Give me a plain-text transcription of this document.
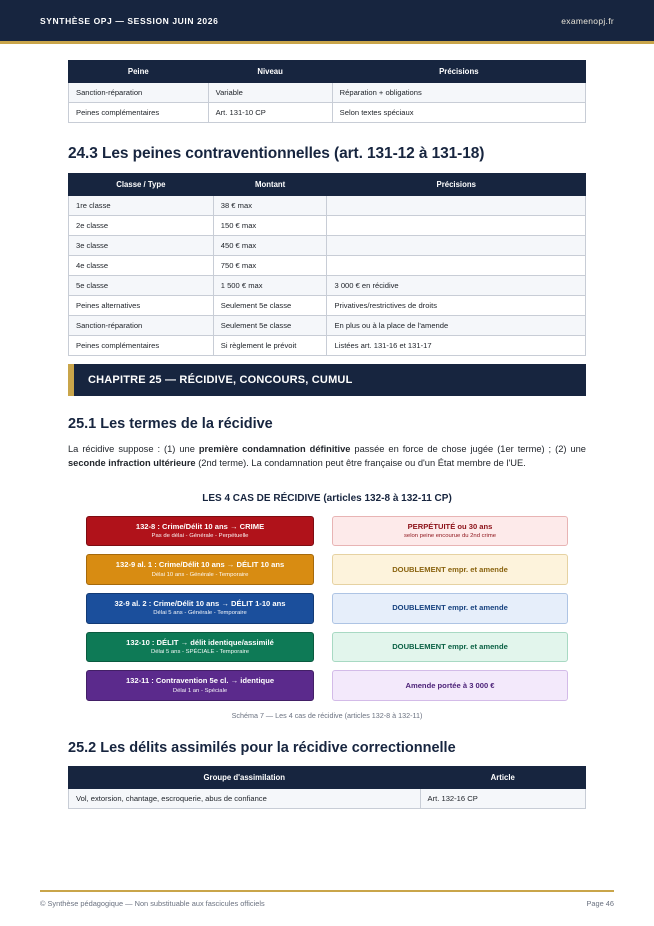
SYNTHÈSE OPJ — SESSION JUIN 2026	examenopj.fr
Peine	Niveau	Précisions
Sanction-réparation	Variable	Réparation + obligations
Peines complémentaires	Art. 131-10 CP	Selon textes spéciaux
24.3 Les peines contraventionnelles (art. 131-12 à 131-18)
Classe / Type	Montant	Précisions
1re classe	38 € max	
2e classe	150 € max	
3e classe	450 € max	
4e classe	750 € max	
5e classe	1 500 € max	3 000 € en récidive
Peines alternatives	Seulement 5e classe	Privatives/restrictives de droits
Sanction-réparation	Seulement 5e classe	En plus ou à la place de l'amende
Peines complémentaires	Si règlement le prévoit	Listées art. 131-16 et 131-17
CHAPITRE 25 — RÉCIDIVE, CONCOURS, CUMUL
25.1 Les termes de la récidive

La récidive suppose : (1) une première condamnation définitive passée en force de chose jugée (1er terme) ; (2) une seconde infraction ultérieure (2nd terme). La condamnation peut être française ou d'un État membre de l'UE.

LES 4 CAS DE RÉCIDIVE (articles 132-8 à 132-11 CP)
132-8 : Crime/Délit 10 ans → CRIME
Pas de délai - Générale - Perpétuelle
PERPÉTUITÉ ou 30 ans
selon peine encourue du 2nd crime
132-9 al. 1 : Crime/Délit 10 ans → DÉLIT 10 ans
Délai 10 ans - Générale - Temporaire
DOUBLEMENT empr. et amende
32-9 al. 2 : Crime/Délit 10 ans → DÉLIT 1-10 ans
Délai 5 ans - Générale - Temporaire
DOUBLEMENT empr. et amende
132-10 : DÉLIT → délit identique/assimilé
Délai 5 ans - SPÉCIALE - Temporaire
DOUBLEMENT empr. et amende
132-11 : Contravention 5e cl. → identique
Délai 1 an - Spéciale
Amende portée à 3 000 €
Schéma 7 — Les 4 cas de récidive (articles 132-8 à 132-11)
25.2 Les délits assimilés pour la récidive correctionnelle
Groupe d'assimilation	Article
Vol, extorsion, chantage, escroquerie, abus de confiance	Art. 132-16 CP
© Synthèse pédagogique — Non substituable aux fascicules officiels	Page 46
